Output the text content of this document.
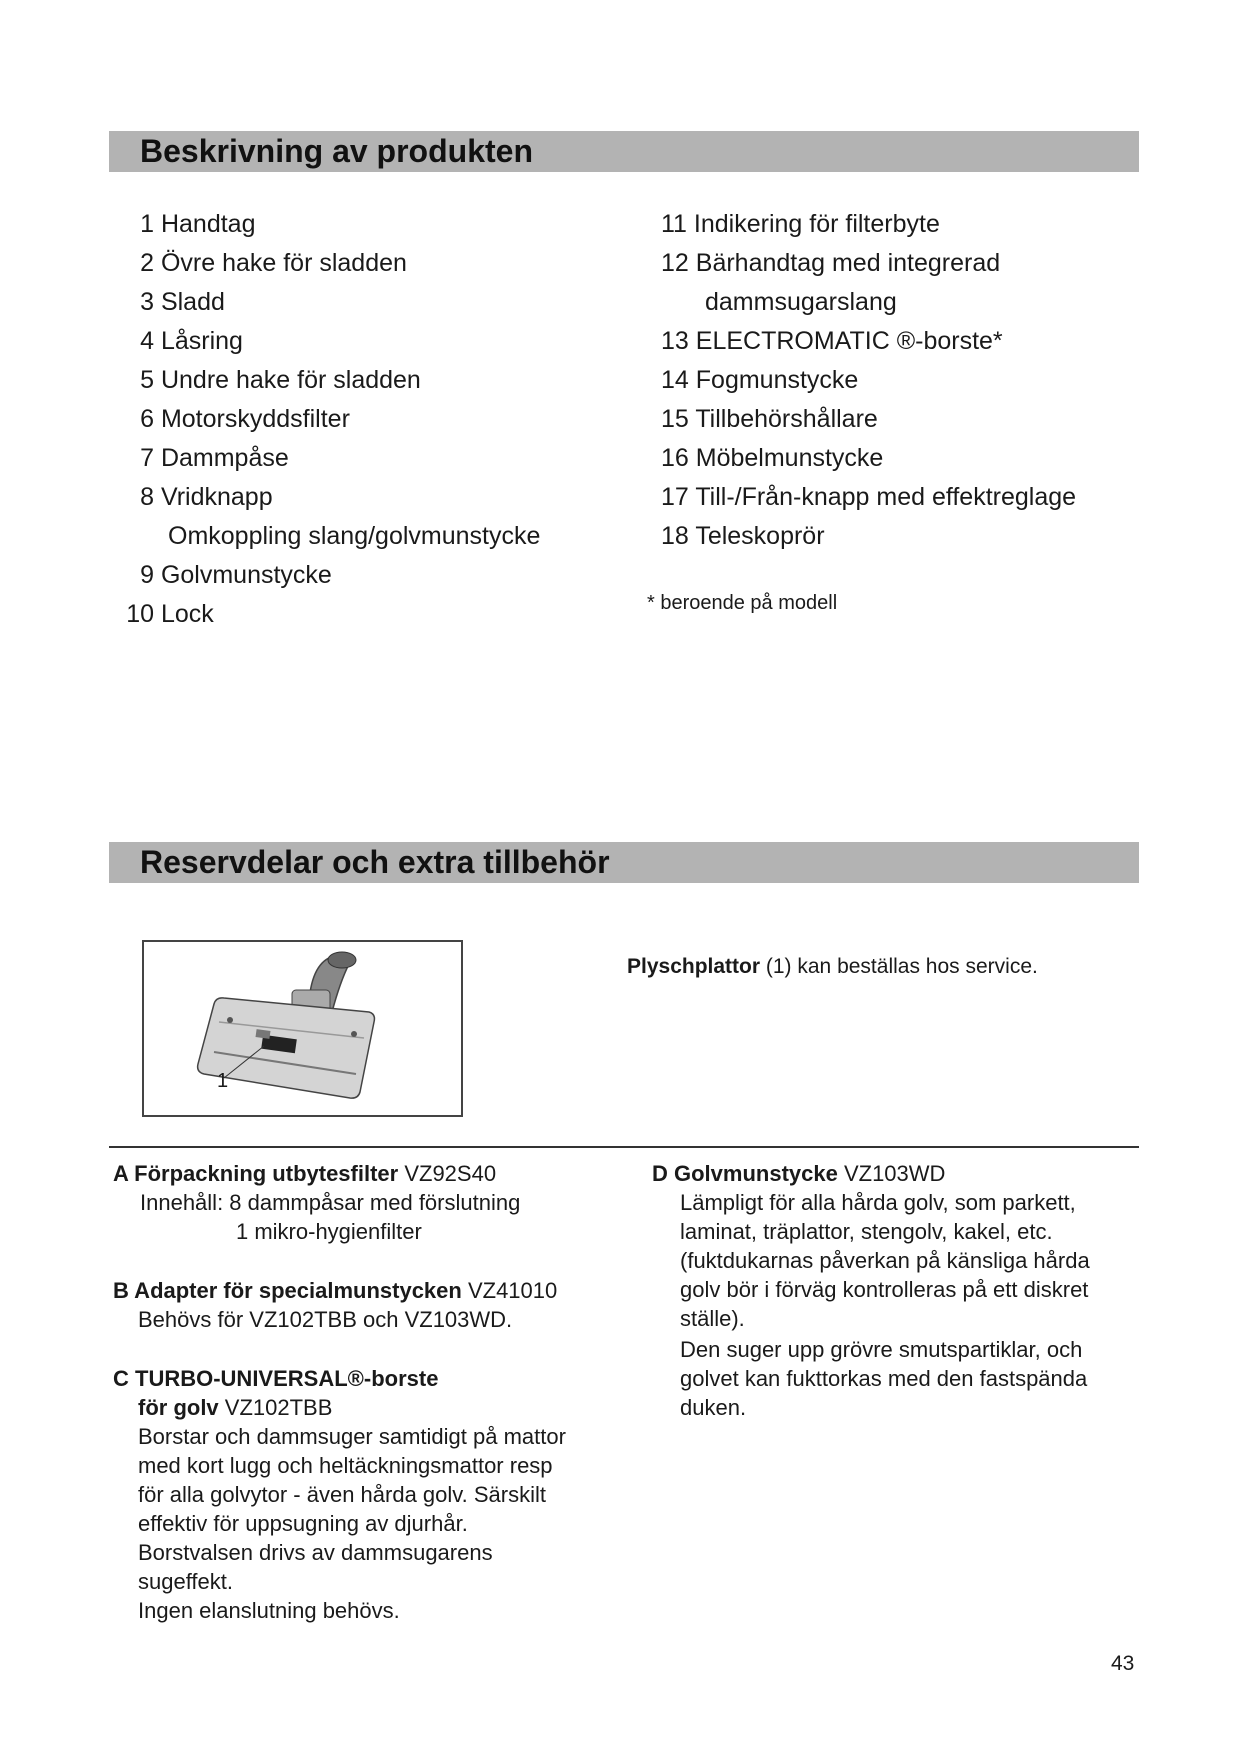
Beskrivning av produkten
1 Handtag
2 Övre hake för sladden
3 Sladd
4 Låsring
5 Undre hake för sladden
6 Motorskyddsfilter
7 Dammpåse
8 Vridknapp
Omkoppling slang/golvmunstycke
9 Golvmunstycke
10 Lock
11 Indikering för filterbyte
12 Bärhandtag med integrerad
dammsugarslang
13 ELECTROMATIC ®-borste*
14 Fogmunstycke
15 Tillbehörshållare
16 Möbelmunstycke
17 Till-/Från-knapp med effektreglage
18 Teleskoprör
* beroende på modell
Reservdelar och extra tillbehör
1
Plyschplattor (1) kan beställas hos service.
A Förpackning utbytesfilter VZ92S40
Innehåll: 8 dammpåsar med förslutning
1 mikro-hygienfilter
B Adapter för specialmunstycken VZ41010
Behövs för VZ102TBB och VZ103WD.
C TURBO-UNIVERSAL®-borste
för golv VZ102TBB
Borstar och dammsuger samtidigt på mattor
med kort lugg och heltäckningsmattor resp
för alla golvytor - även hårda golv. Särskilt
effektiv för uppsugning av djurhår.
Borstvalsen drivs av dammsugarens
sugeffekt.
Ingen elanslutning behövs.
D Golvmunstycke VZ103WD
Lämpligt för alla hårda golv, som parkett,
laminat, träplattor, stengolv, kakel, etc.
(fuktdukarnas påverkan på känsliga hårda
golv bör i förväg kontrolleras på ett diskret
ställe).
Den suger upp grövre smutspartiklar, och
golvet kan fukttorkas med den fastspända
duken.
43
